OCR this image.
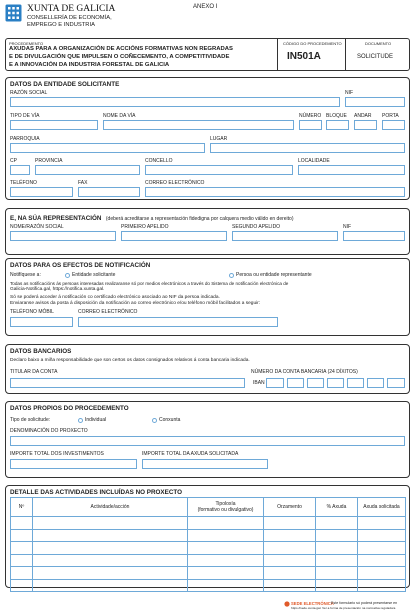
XUNTA DE GALICIA
CONSELLERÍA DE ECONOMÍA,
EMPREGO E INDUSTRIA
ANEXO I
PROCEDEMENTO
AXUDAS PARA A ORGANIZACIÓN DE ACCIÓNS FORMATIVAS NON REGRADAS
E DE DIVULGACIÓN QUE IMPULSEN O COÑECEMENTO, A COMPETITIVIDADE
E A INNOVACIÓN DA INDUSTRIA FORESTAL DE GALICIA
CÓDIGO DO PROCEDEMENTO
IN501A
DOCUMENTO
SOLICITUDE
DATOS DA ENTIDADE SOLICITANTE
RAZÓN SOCIAL	NIF
TIPO DE VÍA	NOME DA VÍA	NÚMERO BLOQUE ANDAR PORTA
PARROQUIA	LUGAR
CP	PROVINCIA	CONCELLO	LOCALIDADE
TELÉFONO	FAX	CORREO ELECTRÓNICO
E, NA SÚA REPRESENTACIÓN (deberá acreditarse a representación fidedigna por calquera medio válido en dereito)
NOME/RAZÓN SOCIAL	PRIMEIRO APELIDO	SEGUNDO APELIDO	NIF
DATOS PARA OS EFECTOS DE NOTIFICACIÓN
Notifíquese a:	Entidade solicitante	Persoa ou entidade representante
Todas as notificacións ás persoas interesadas realizaranse só por medios electrónicos a través do Sistema de notificación electrónica de
Galicia-Notifica.gal, https://notifica.xunta.gal.
Só se poderá acceder á notificación co certificado electrónico asociado ao NIF da persoa indicada.
Enviaranse avisos da posta á disposición da notificación ao correo electrónico e/ou teléfono móbil facilitados a seguir:
TELÉFONO MÓBIL	CORREO ELECTRÓNICO
DATOS BANCARIOS
Declaro baixo a miña responsabilidade que son certos os datos consignados relativos á conta bancaria indicada.
TITULAR DA CONTA	NÚMERO DA CONTA BANCARIA (24 DÍXITOS)
IBAN
DATOS PROPIOS DO PROCEDEMENTO
Tipo de solicitude:	Individual	Conxunta
DENOMINACIÓN DO PROXECTO
IMPORTE TOTAL DOS INVESTIMENTOS	IMPORTE TOTAL DA AXUDA SOLICITADA
DETALLE DAS ACTIVIDADES INCLUÍDAS NO PROXECTO
Nº	Actividade/acción	Tipoloxía
(formativo ou divulgativo)	Orzamento	% Axuda	Axuda solicitada

SEDE ELECTRÓNICA
Este formulario só poderá presentarse en
https://sede.xunta.gal. Ver a forma de presentación na normativa reguladora
